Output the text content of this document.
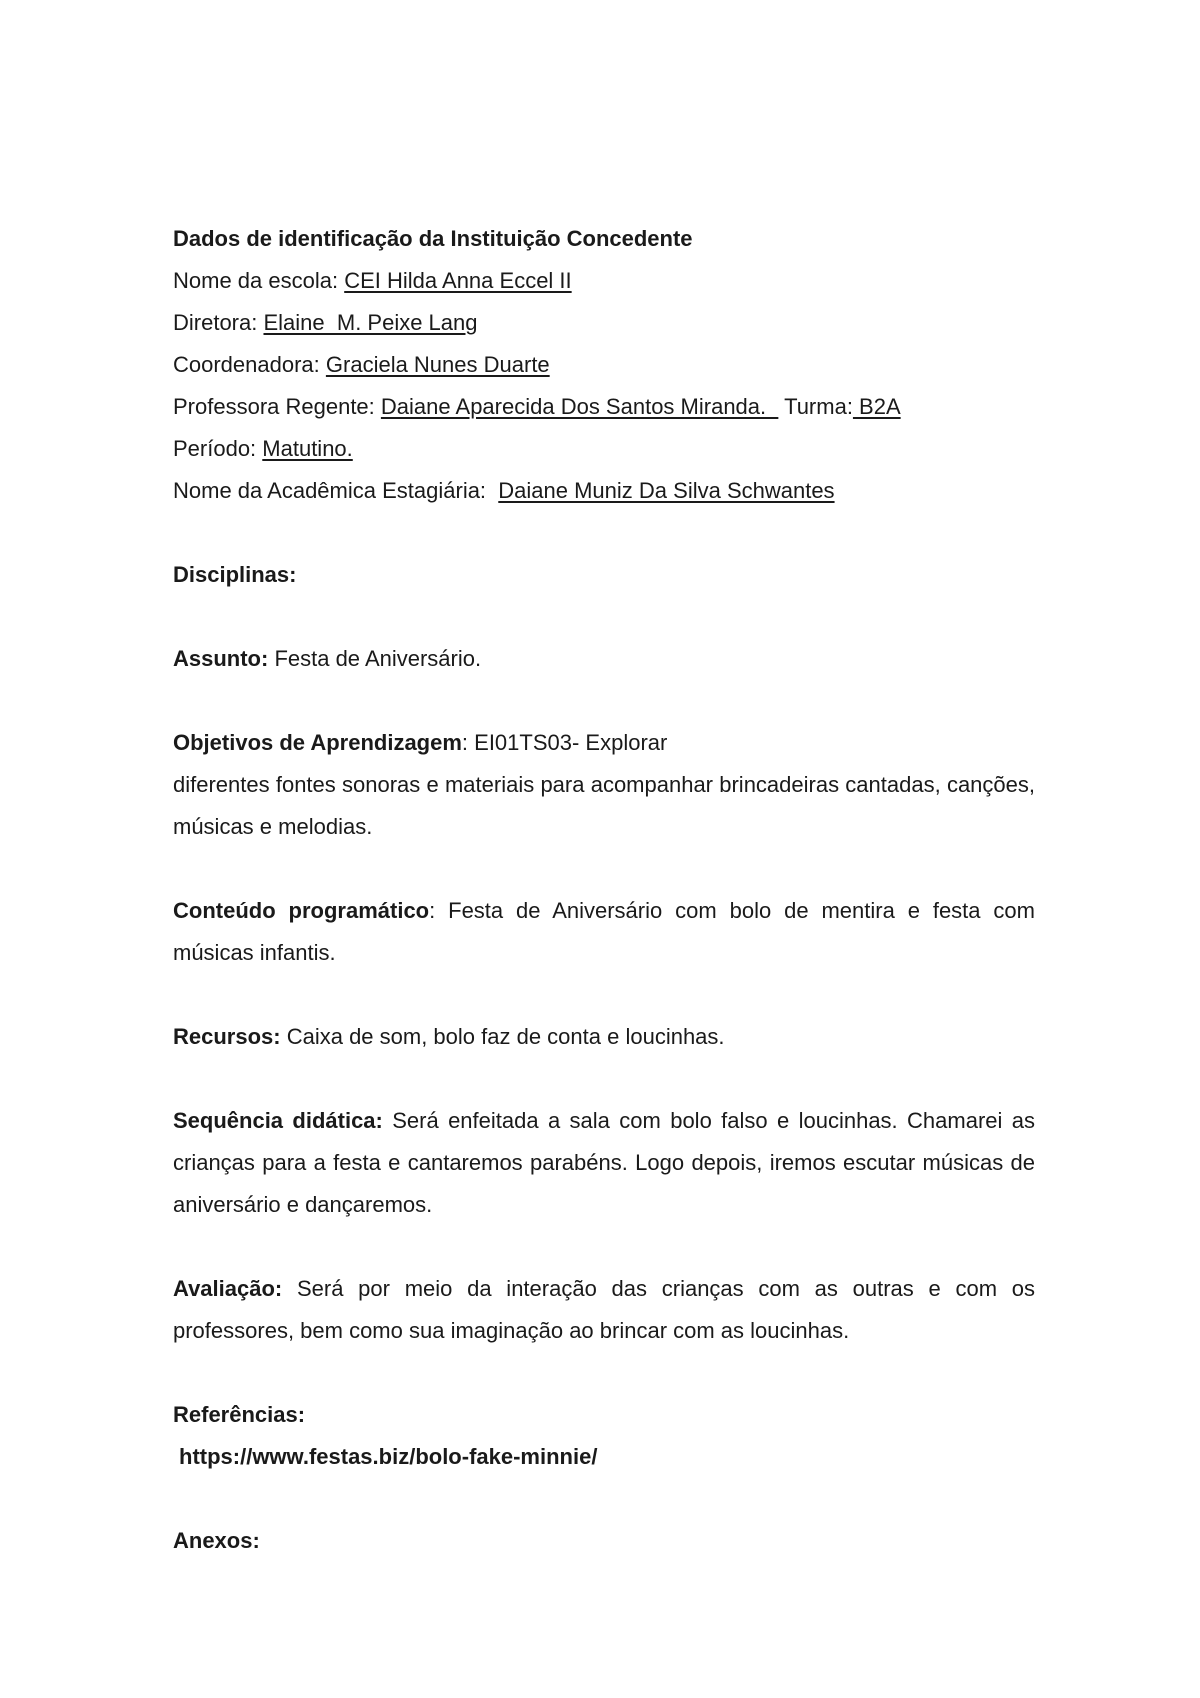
Dados de identificação da Instituição Concedente
Nome da escola: CEI Hilda Anna Eccel II
Diretora: Elaine  M. Peixe Lang
Coordenadora: Graciela Nunes Duarte
Professora Regente: Daiane Aparecida Dos Santos Miranda.   Turma: B2A
Período: Matutino.
Nome da Acadêmica Estagiária:  Daiane Muniz Da Silva Schwantes
Disciplinas:
Assunto: Festa de Aniversário.
Objetivos de Aprendizagem: EI01TS03- Explorar
diferentes fontes sonoras e materiais para acompanhar brincadeiras cantadas, canções, músicas e melodias.
Conteúdo programático: Festa de Aniversário com bolo de mentira e festa com músicas infantis.
Recursos: Caixa de som, bolo faz de conta e loucinhas.
Sequência didática: Será enfeitada a sala com bolo falso e loucinhas. Chamarei as crianças para a festa e cantaremos parabéns. Logo depois, iremos escutar músicas de aniversário e dançaremos.
Avaliação: Será por meio da interação das crianças com as outras e com os professores, bem como sua imaginação ao brincar com as loucinhas.
Referências:
https://www.festas.biz/bolo-fake-minnie/
Anexos:
